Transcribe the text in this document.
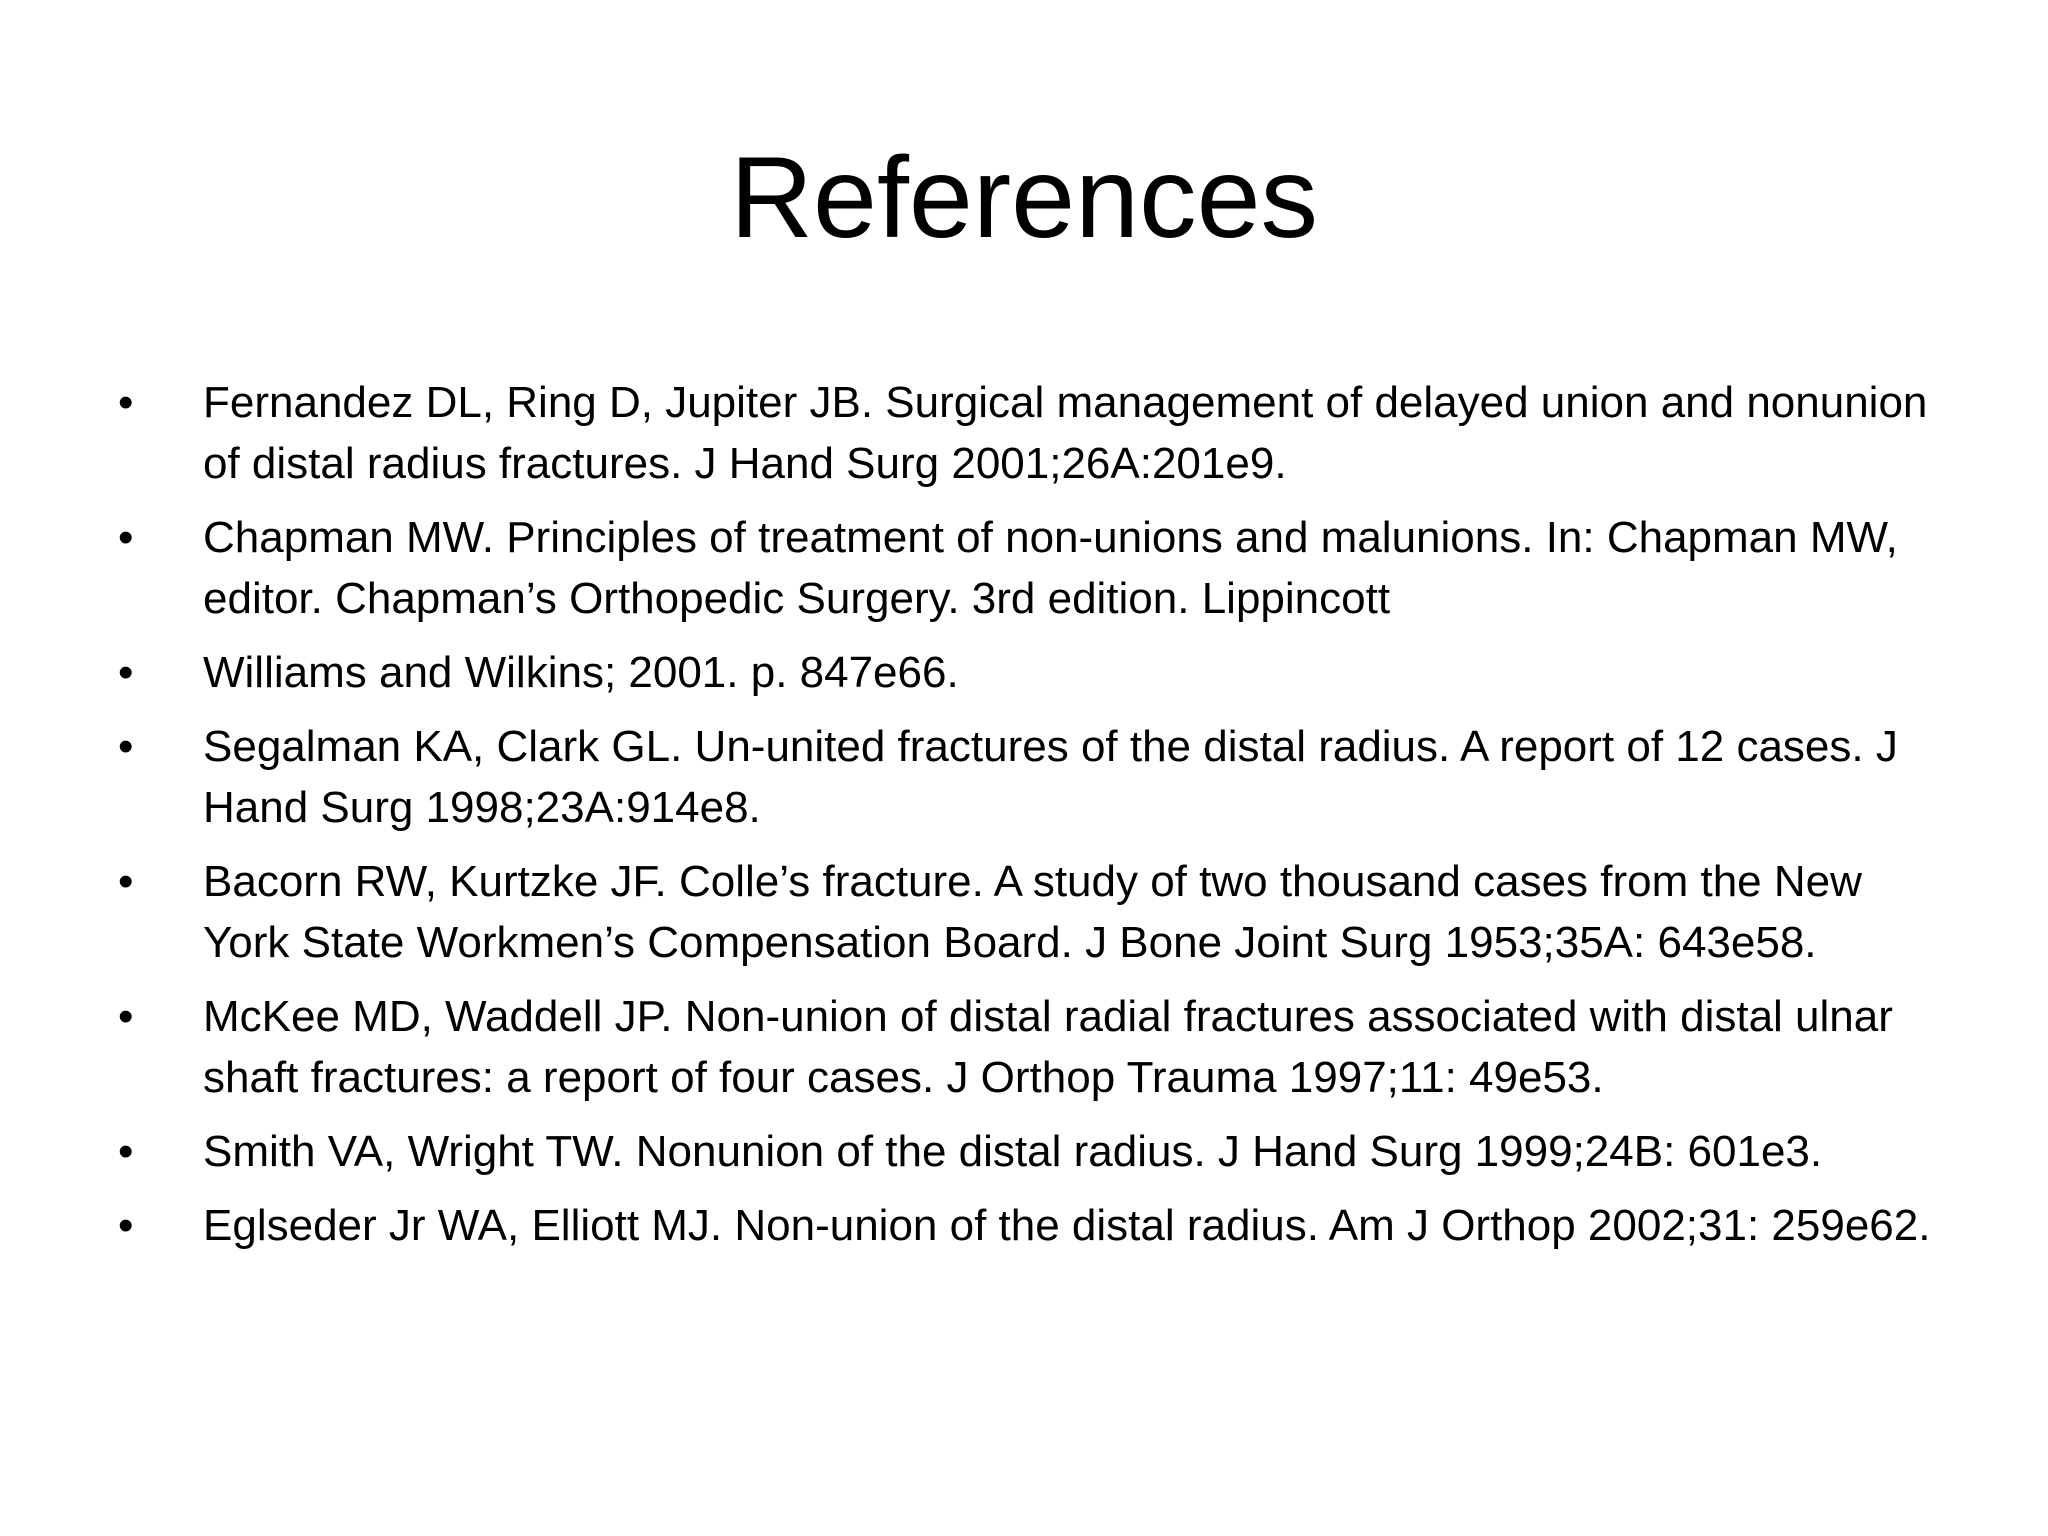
References
•	Fernandez DL, Ring D, Jupiter JB. Surgical management of delayed union and nonunion of distal radius fractures. J Hand Surg 2001;26A:201e9.
•	Chapman MW. Principles of treatment of non-unions and malunions. In: Chapman MW, editor. Chapman’s Orthopedic Surgery. 3rd edition. Lippincott
•	Williams and Wilkins; 2001. p. 847e66.
•	Segalman KA, Clark GL. Un-united fractures of the distal radius. A report of 12 cases. J Hand Surg 1998;23A:914e8.
•	Bacorn RW, Kurtzke JF. Colle’s fracture. A study of two thousand cases from the New York State Workmen’s Compensation Board. J Bone Joint Surg 1953;35A: 643e58.
•	McKee MD, Waddell JP. Non-union of distal radial fractures associated with distal ulnar shaft fractures: a report of four cases. J Orthop Trauma 1997;11: 49e53.
•	Smith VA, Wright TW. Nonunion of the distal radius. J Hand Surg 1999;24B: 601e3.
•	Eglseder Jr WA, Elliott MJ. Non-union of the distal radius. Am J Orthop 2002;31: 259e62.
